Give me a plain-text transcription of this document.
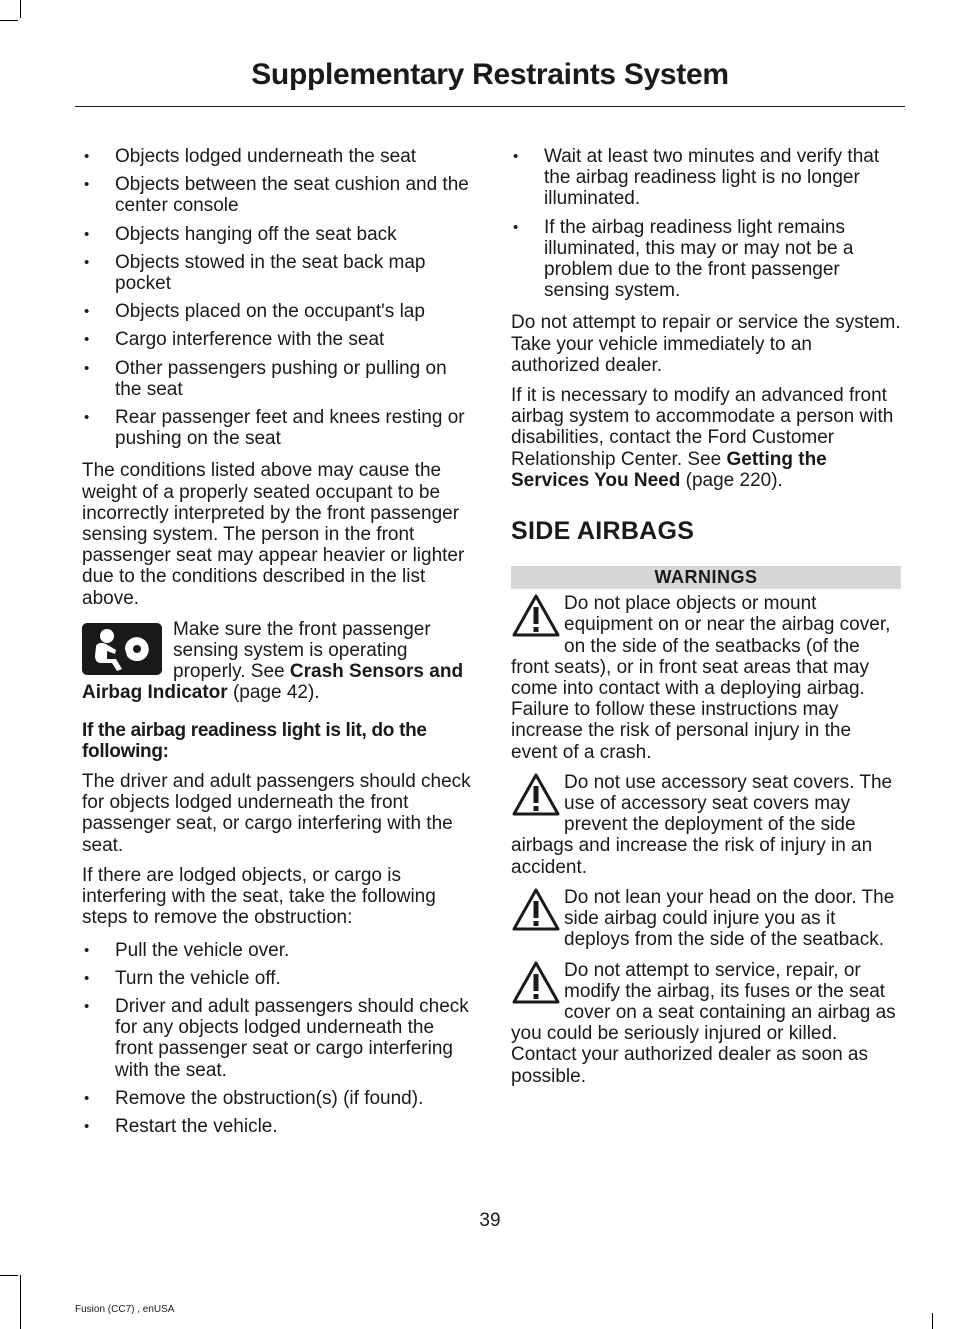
Supplementary Restraints System
• Objects lodged underneath the seat
• Objects between the seat cushion and the center console
• Objects hanging off the seat back
• Objects stowed in the seat back map pocket
• Objects placed on the occupant's lap
• Cargo interference with the seat
• Other passengers pushing or pulling on the seat
• Rear passenger feet and knees resting or pushing on the seat

The conditions listed above may cause the weight of a properly seated occupant to be incorrectly interpreted by the front passenger sensing system. The person in the front passenger seat may appear heavier or lighter due to the conditions described in the list above.

Make sure the front passenger sensing system is operating properly. See Crash Sensors and Airbag Indicator (page 42).

If the airbag readiness light is lit, do the following:

The driver and adult passengers should check for objects lodged underneath the front passenger seat, or cargo interfering with the seat.

If there are lodged objects, or cargo is interfering with the seat, take the following steps to remove the obstruction:

• Pull the vehicle over.
• Turn the vehicle off.
• Driver and adult passengers should check for any objects lodged underneath the front passenger seat or cargo interfering with the seat.
• Remove the obstruction(s) (if found).
• Restart the vehicle.
• Wait at least two minutes and verify that the airbag readiness light is no longer illuminated.
• If the airbag readiness light remains illuminated, this may or may not be a problem due to the front passenger sensing system.

Do not attempt to repair or service the system. Take your vehicle immediately to an authorized dealer.

If it is necessary to modify an advanced front airbag system to accommodate a person with disabilities, contact the Ford Customer Relationship Center. See Getting the Services You Need (page 220).

SIDE AIRBAGS
WARNINGS
Do not place objects or mount equipment on or near the airbag cover, on the side of the seatbacks (of the front seats), or in front seat areas that may come into contact with a deploying airbag. Failure to follow these instructions may increase the risk of personal injury in the event of a crash.
Do not use accessory seat covers. The use of accessory seat covers may prevent the deployment of the side airbags and increase the risk of injury in an accident.
Do not lean your head on the door. The side airbag could injure you as it deploys from the side of the seatback.
Do not attempt to service, repair, or modify the airbag, its fuses or the seat cover on a seat containing an airbag as you could be seriously injured or killed. Contact your authorized dealer as soon as possible.
39
Fusion (CC7) , enUSA
